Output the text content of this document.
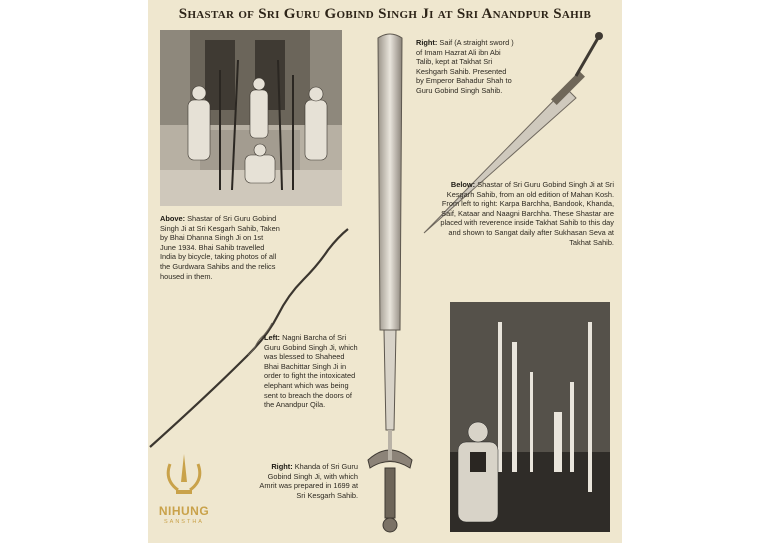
Shastar of Sri Guru Gobind Singh Ji at Sri Anandpur Sahib
Right: Saif (A straight sword ) of Imam Hazrat Ali ibn Abi Talib, kept at Takhat Sri Keshgarh Sahib. Presented by Emperor Bahadur Shah to Guru Gobind Singh Sahib.
Below: Shastar of Sri Guru Gobind Singh Ji at Sri Kesgarh Sahib, from an old edition of Mahan Kosh. From left to right: Karpa Barchha, Bandook, Khanda, Saif, Kataar and Naagni Barchha. These Shastar are placed with reverence inside Takhat Sahib to this day and shown to Sangat daily after Sukhasan Seva at Takhat Sahib.
Above: Shastar of Sri Guru Gobind Singh Ji at Sri Kesgarh Sahib, Taken by Bhai Dhanna Singh Ji on 1st June 1934. Bhai Sahib travelled India by bicycle, taking photos of all the Gurdwara Sahibs and the relics housed in them.
Left: Nagni Barcha of Sri Guru Gobind Singh Ji, which was blessed to Shaheed Bhai Bachittar Singh Ji in order to fight the intoxicated elephant which was being sent to breach the doors of the Anandpur Qila.
Right: Khanda of Sri Guru Gobind Singh Ji, with which Amrit was prepared in 1699 at Sri Kesgarh Sahib.
NIHUNG
SANSTHA
